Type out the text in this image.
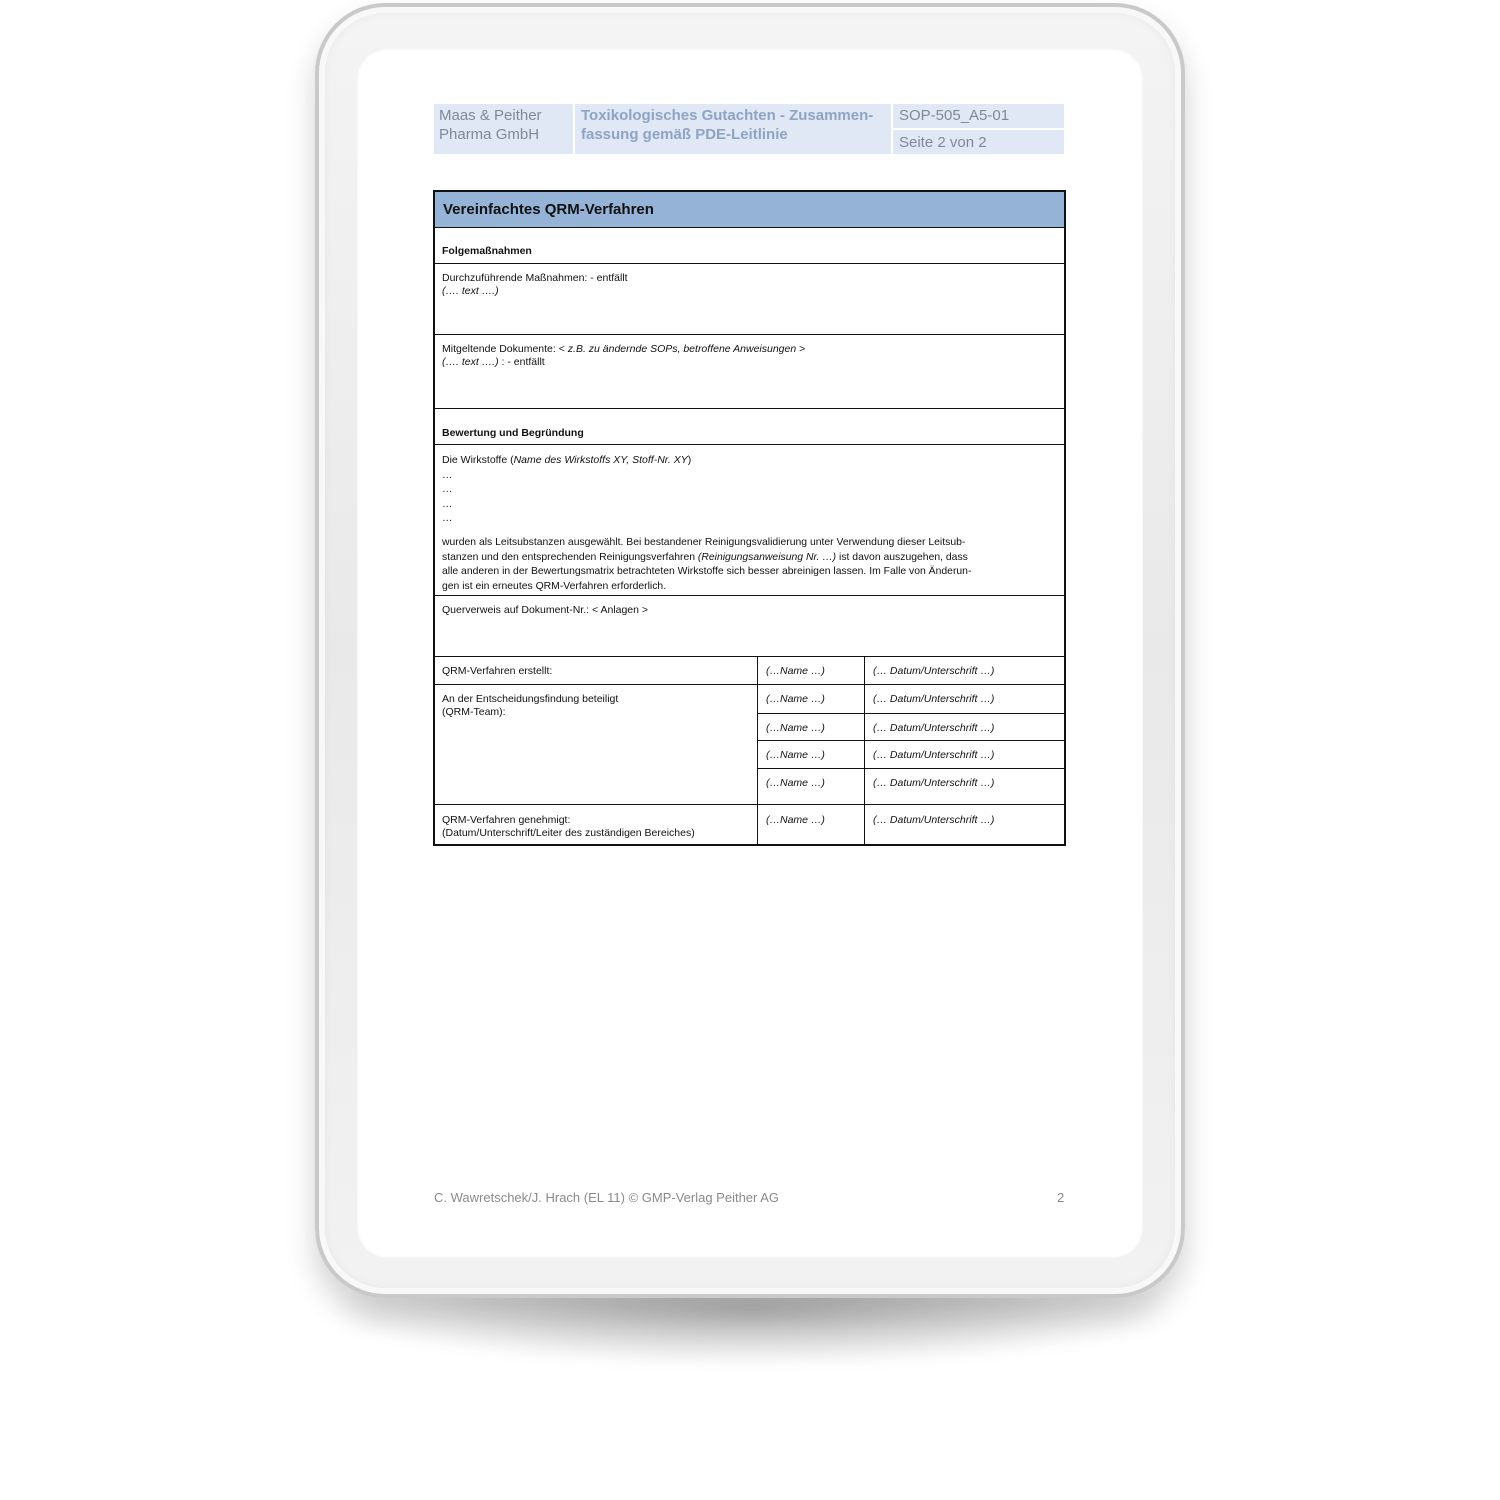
Maas & Peither
Pharma GmbH
Toxikologisches Gutachten - Zusammen-
fassung gemäß PDE-Leitlinie
SOP-505_A5-01
Seite 2 von 2
Vereinfachtes QRM-Verfahren
Folgemaßnahmen
Durchzuführende Maßnahmen: - entfällt
(…. text ….)
Mitgeltende Dokumente: < z.B. zu ändernde SOPs, betroffene Anweisungen >
(…. text ….) : - entfällt
Bewertung und Begründung
Die Wirkstoffe (Name des Wirkstoffs XY, Stoff-Nr. XY)
…
…
…
…
wurden als Leitsubstanzen ausgewählt. Bei bestandener Reinigungsvalidierung unter Verwendung dieser Leitsub-
stanzen und den entsprechenden Reinigungsverfahren (Reinigungsanweisung Nr. …) ist davon auszugehen, dass
alle anderen in der Bewertungsmatrix betrachteten Wirkstoffe sich besser abreinigen lassen. Im Falle von Änderun-
gen ist ein erneutes QRM-Verfahren erforderlich.
Querverweis auf Dokument-Nr.: < Anlagen >
QRM-Verfahren erstellt:	(…Name …)	(… Datum/Unterschrift …)
An der Entscheidungsfindung beteiligt
(QRM-Team):
(…Name …)	(… Datum/Unterschrift …)
(…Name …)	(… Datum/Unterschrift …)
(…Name …)	(… Datum/Unterschrift …)
(…Name …)	(… Datum/Unterschrift …)
QRM-Verfahren genehmigt:
(Datum/Unterschrift/Leiter des zuständigen Bereiches)
(…Name …)	(… Datum/Unterschrift …)
C. Wawretschek/J. Hrach (EL 11) © GMP-Verlag Peither AG	2
